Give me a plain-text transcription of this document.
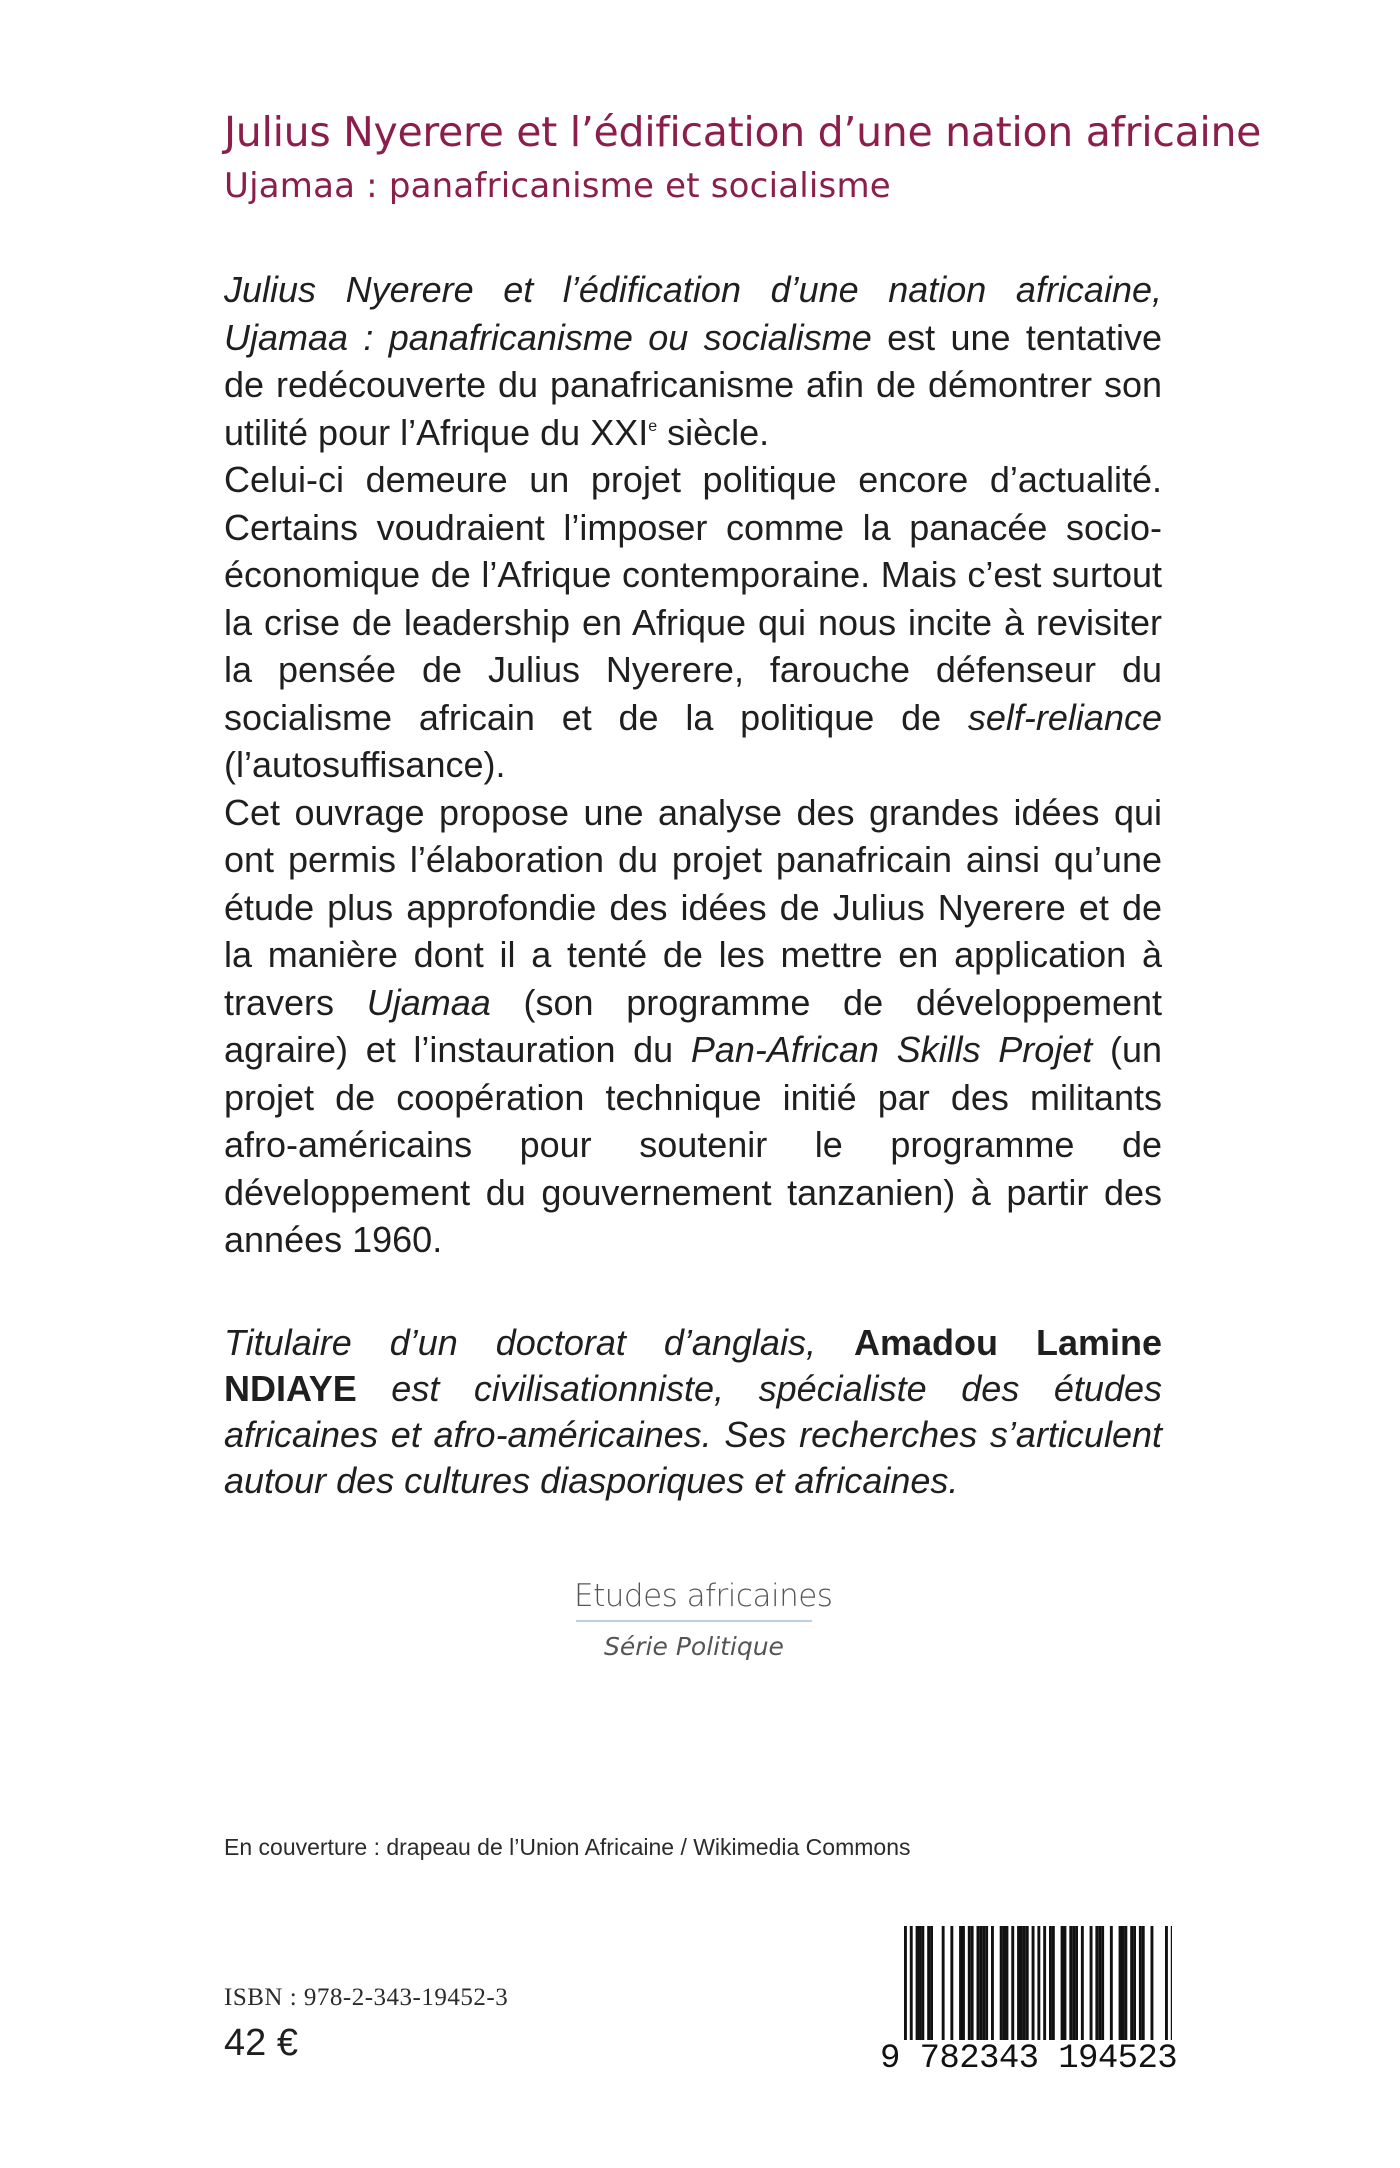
Julius Nyerere et l’édification d’une nation africaine
Ujamaa : panafricanisme et socialisme

Julius Nyerere et l’édification d’une nation africaine, Ujamaa : panafricanisme ou socialisme est une tentative de redécouverte du panafricanisme afin de démontrer son utilité pour l’Afrique du XXIe siècle.

Celui-ci demeure un projet politique encore d’actualité. Certains voudraient l’imposer comme la panacée socio-économique de l’Afrique contemporaine. Mais c’est surtout la crise de leadership en Afrique qui nous incite à revisiter la pensée de Julius Nyerere, farouche défenseur du socialisme africain et de la politique de self-reliance (l’autosuffisance).

Cet ouvrage propose une analyse des grandes idées qui ont permis l’élaboration du projet panafricain ainsi qu’une étude plus approfondie des idées de Julius Nyerere et de la manière dont il a tenté de les mettre en application à travers Ujamaa (son programme de développement agraire) et l’instauration du Pan-African Skills Projet (un projet de coopération technique initié par des militants afro-américains pour soutenir le programme de développement du gouvernement tanzanien) à partir des années 1960.

Titulaire d’un doctorat d’anglais, Amadou Lamine NDIAYE est civilisationniste, spécialiste des études africaines et afro-américaines. Ses recherches s’articulent autour des cultures diasporiques et africaines.

Etudes africaines
Série Politique
En couverture : drapeau de l’Union Africaine / Wikimedia Commons
ISBN : 978-2-343-19452-3
42 €	9 782343 194523
